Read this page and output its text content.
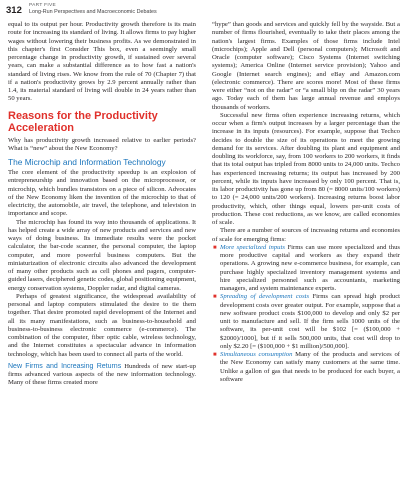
312 PART FIVE
Long-Run Perspectives and Macroeconomic Debates

equal to its output per hour. Productivity growth therefore is its main route for increasing its standard of living. It allows firms to pay higher wages without lowering their business profits. As we demonstrated in this chapter's first Consider This box, even a seemingly small percentage change in productivity growth, if sustained over several years, can make a substantial difference as to how fast a nation's standard of living rises. We know from the rule of 70 (Chapter 7) that if a nation's productivity grows by 2.9 percent annually rather than 1.4, its material standard of living will double in 24 years rather than 50 years.

Reasons for the Productivity Acceleration

Why has productivity growth increased relative to earlier periods? What is “new” about the New Economy?

The Microchip and Information Technology

The core element of the productivity speedup is an explosion of entrepreneurship and innovation based on the microprocessor, or microchip, which bundles transistors on a piece of silicon. Advocates of the New Economy liken the invention of the microchip to that of electricity, the automobile, air travel, the telephone, and television in importance and scope.

The microchip has found its way into thousands of applications. It has helped create a wide array of new products and services and new ways of doing business. Its immediate results were the pocket calculator, the bar-code scanner, the personal computer, the laptop computer, and more powerful business computers. But the miniaturization of electronic circuits also advanced the development of many other products such as cell phones and pagers, computer-guided lasers, deciphered genetic codes, global positioning equipment, energy conservation systems, Doppler radar, and digital cameras.

Perhaps of greatest significance, the widespread availability of personal and laptop computers stimulated the desire to tie them together. That desire promoted rapid development of the Internet and all its many manifestations, such as business-to-household and business-to-business electronic commerce (e-commerce). The combination of the computer, fiber optic cable, wireless technology, and the Internet constitutes a spectacular advance in information technology, which has been used to connect all parts of the world.

New Firms and Increasing Returns Hundreds of new start-up firms advanced various aspects of the new information technology. Many of these firms created more

“hype” than goods and services and quickly fell by the wayside. But a number of firms flourished, eventually to take their places among the nation's largest firms. Examples of those firms include Intel (microchips); Apple and Dell (personal computers); Microsoft and Oracle (computer software); Cisco Systems (Internet switching systems); America Online (Internet service provision); Yahoo and Google (Internet search engines); and eBay and Amazon.com (electronic commerce). There are scores more! Most of these firms were either “not on the radar” or “a small blip on the radar” 30 years ago. Today each of them has large annual revenue and employs thousands of workers.

Successful new firms often experience increasing returns, which occur when a firm's output increases by a larger percentage than the increase in its inputs (resources). For example, suppose that Techco decides to double the size of its operations to meet the growing demand for its services. After doubling its plant and equipment and doubling its workforce, say, from 100 workers to 200 workers, it finds that its total output has tripled from 8000 units to 24,000 units. Techco has experienced increasing returns; its output has increased by 200 percent, while its inputs have increased by only 100 percent. That is, its labor productivity has gone up from 80 (= 8000 units/100 workers) to 120 (= 24,000 units/200 workers). Increasing returns boost labor productivity, which, other things equal, lowers per-unit costs of production. These cost reductions, as we know, are called economies of scale.

There are a number of sources of increasing returns and economies of scale for emerging firms:

■ More specialized inputs Firms can use more specialized and thus more productive capital and workers as they expand their operations. A growing new e-commerce business, for example, can purchase highly specialized inventory management systems and hire specialized personnel such as accountants, marketing managers, and system maintenance experts.
■ Spreading of development costs Firms can spread high product development costs over greater output. For example, suppose that a new software product costs $100,000 to develop and only $2 per unit to manufacture and sell. If the firm sells 1000 units of the software, its per-unit cost will be $102 [= ($100,000 + $2000)/1000], but if it sells 500,000 units, that cost will drop to only $2.20 [= ($100,000 + $1 million)/500,000].
■ Simultaneous consumption Many of the products and services of the New Economy can satisfy many customers at the same time. Unlike a gallon of gas that needs to be produced for each buyer, a software
